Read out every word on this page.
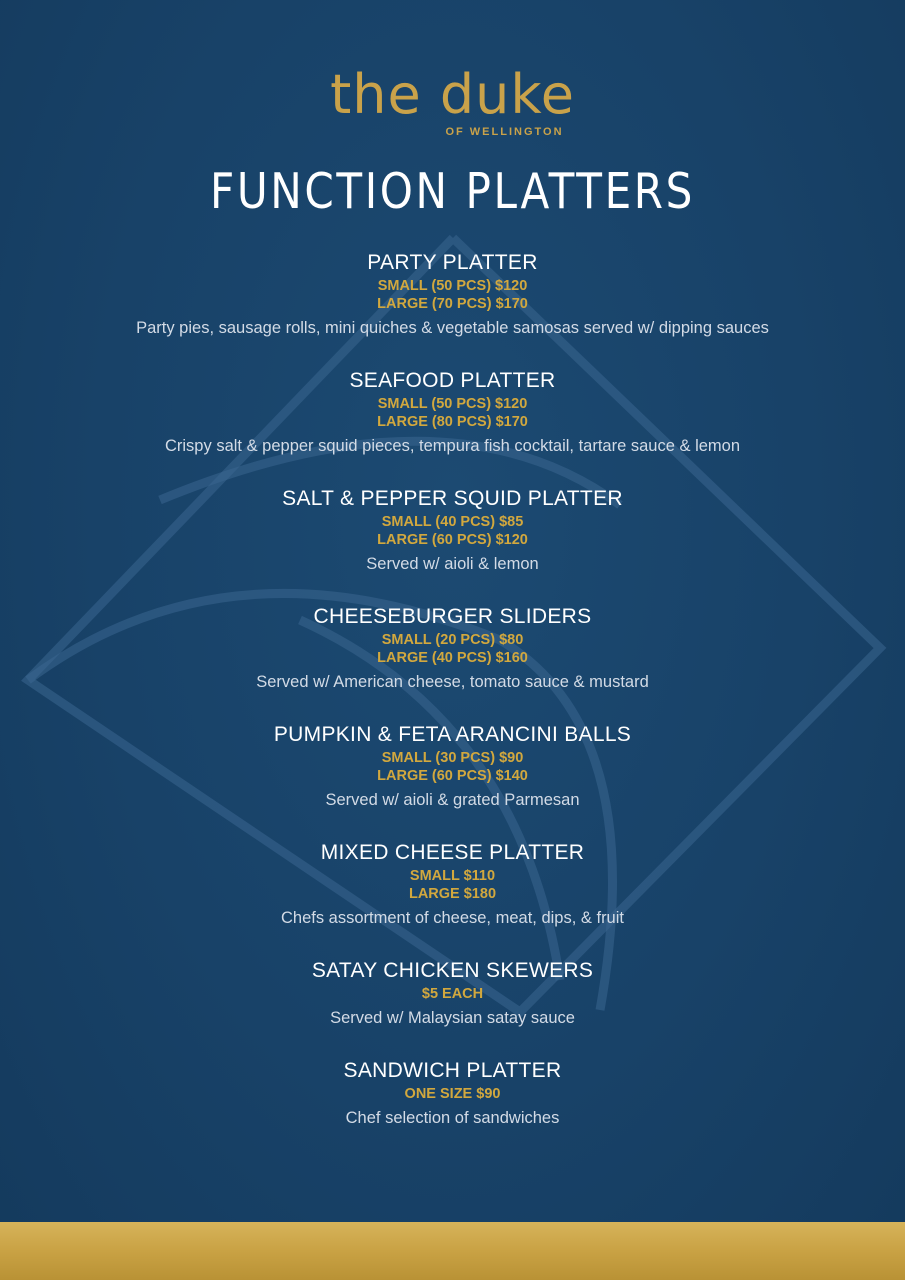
the duke
OF WELLINGTON
FUNCTION PLATTERS
PARTY PLATTER
SMALL (50 PCS) $120
LARGE (70 PCS) $170
Party pies, sausage rolls, mini quiches & vegetable samosas served w/ dipping sauces
SEAFOOD PLATTER
SMALL (50 PCS) $120
LARGE (80 PCS) $170
Crispy salt & pepper squid pieces, tempura fish cocktail, tartare sauce & lemon
SALT & PEPPER SQUID PLATTER
SMALL (40 PCS) $85
LARGE (60 PCS) $120
Served w/ aioli & lemon
CHEESEBURGER SLIDERS
SMALL (20 PCS) $80
LARGE (40 PCS) $160
Served w/ American cheese, tomato sauce & mustard
PUMPKIN & FETA ARANCINI BALLS
SMALL (30 PCS) $90
LARGE (60 PCS) $140
Served w/ aioli & grated Parmesan
MIXED CHEESE PLATTER
SMALL $110
LARGE $180
Chefs assortment of cheese, meat, dips, & fruit
SATAY CHICKEN SKEWERS
$5 EACH
Served w/ Malaysian satay sauce
SANDWICH PLATTER
ONE SIZE $90
Chef selection of sandwiches
